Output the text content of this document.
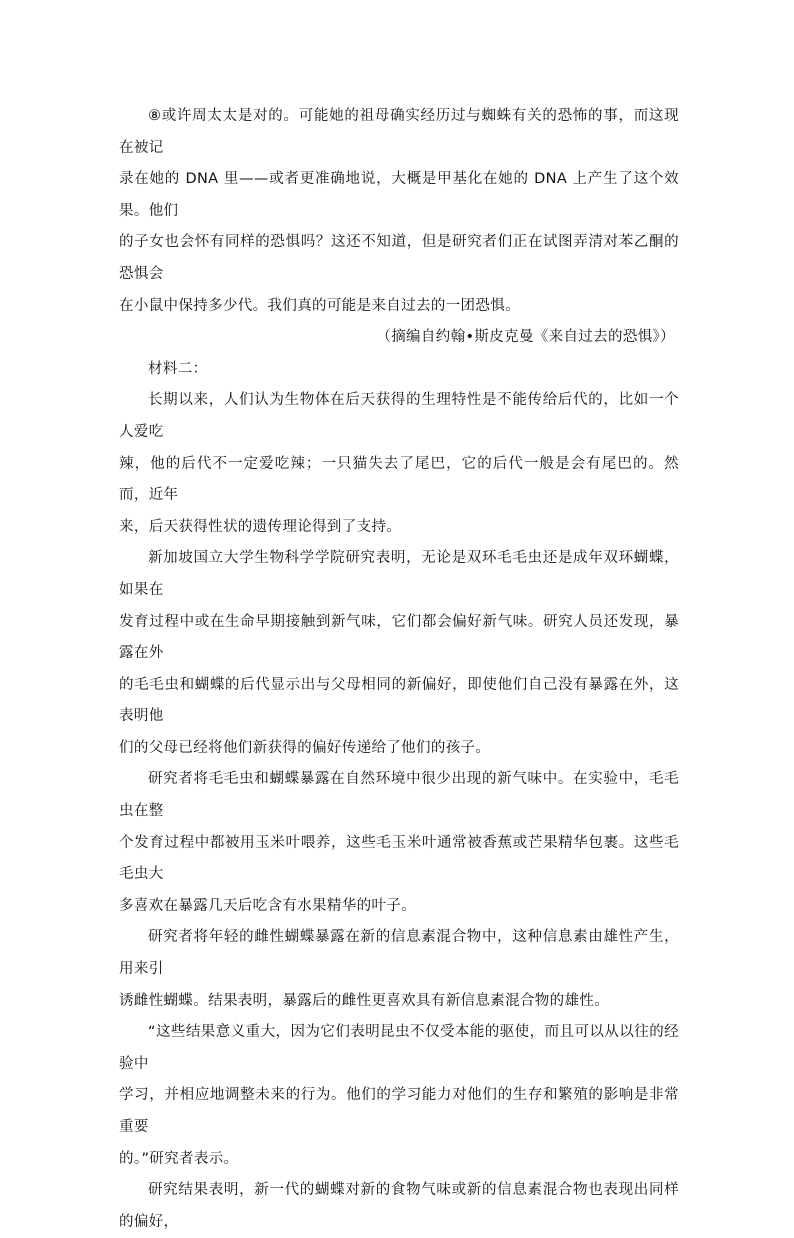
⑧或许周太太是对的。可能她的祖母确实经历过与蜘蛛有关的恐怖的事，而这现在被记
录在她的 DNA 里——或者更准确地说，大概是甲基化在她的 DNA 上产生了这个效果。他们
的子女也会怀有同样的恐惧吗？这还不知道，但是研究者们正在试图弄清对苯乙酮的恐惧会
在小鼠中保持多少代。我们真的可能是来自过去的一团恐惧。

（摘编自约翰•斯皮克曼《来自过去的恐惧》）

材料二：

长期以来，人们认为生物体在后天获得的生理特性是不能传给后代的，比如一个人爱吃
辣，他的后代不一定爱吃辣；一只猫失去了尾巴，它的后代一般是会有尾巴的。然而，近年
来，后天获得性状的遗传理论得到了支持。
新加坡国立大学生物科学学院研究表明，无论是双环毛毛虫还是成年双环蝴蝶，如果在
发育过程中或在生命早期接触到新气味，它们都会偏好新气味。研究人员还发现，暴露在外
的毛毛虫和蝴蝶的后代显示出与父母相同的新偏好，即使他们自己没有暴露在外，这表明他
们的父母已经将他们新获得的偏好传递给了他们的孩子。
研究者将毛毛虫和蝴蝶暴露在自然环境中很少出现的新气味中。在实验中，毛毛虫在整
个发育过程中都被用玉米叶喂养，这些毛玉米叶通常被香蕉或芒果精华包裹。这些毛毛虫大
多喜欢在暴露几天后吃含有水果精华的叶子。
研究者将年轻的雌性蝴蝶暴露在新的信息素混合物中，这种信息素由雄性产生，用来引
诱雌性蝴蝶。结果表明，暴露后的雌性更喜欢具有新信息素混合物的雄性。
“这些结果意义重大，因为它们表明昆虫不仅受本能的驱使，而且可以从以往的经验中
学习，并相应地调整未来的行为。他们的学习能力对他们的生存和繁殖的影响是非常重要
的。”研究者表示。
研究结果表明，新一代的蝴蝶对新的食物气味或新的信息素混合物也表现出同样的偏好，
